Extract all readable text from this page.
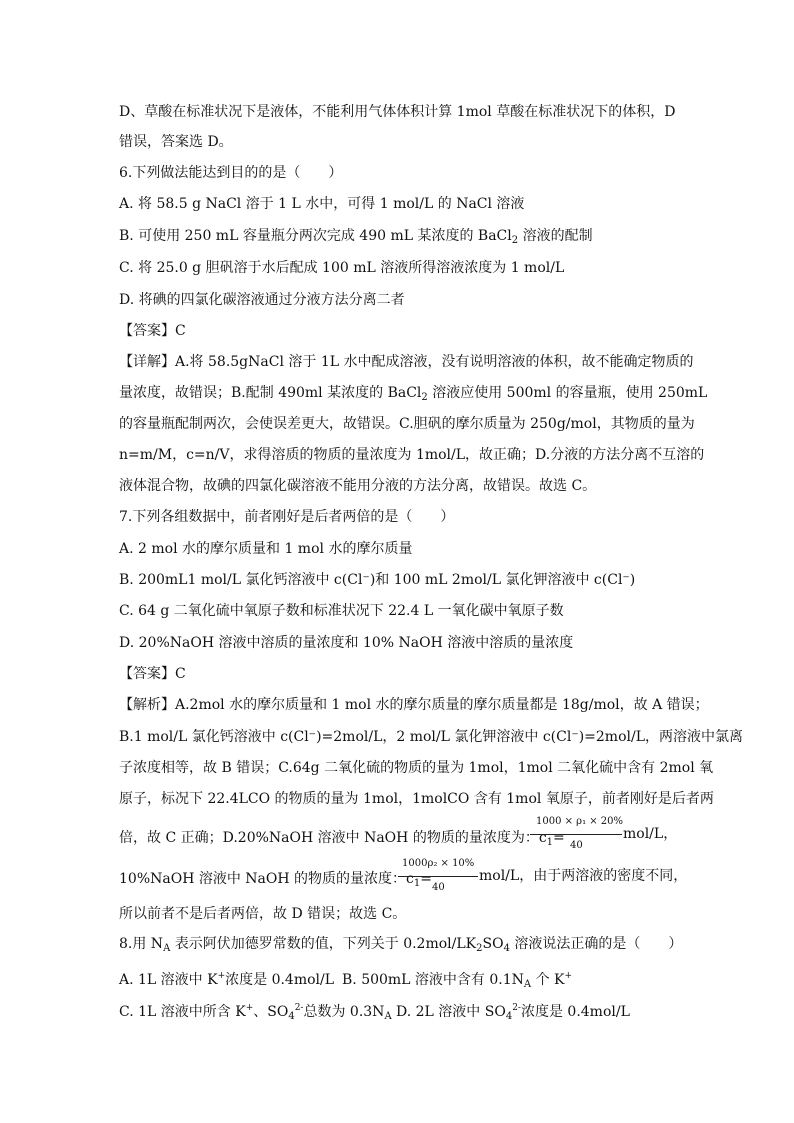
D、草酸在标准状况下是液体，不能利用气体体积计算 1mol 草酸在标准状况下的体积，D
错误，答案选 D。
6.下列做法能达到目的的是（　　）
A. 将 58.5 g NaCl 溶于 1 L 水中，可得 1 mol/L 的 NaCl 溶液
B. 可使用 250 mL 容量瓶分两次完成 490 mL 某浓度的 BaCl$_2$ 溶液的配制
C. 将 25.0 g 胆矾溶于水后配成 100 mL 溶液所得溶液浓度为 1 mol/L
D. 将碘的四氯化碳溶液通过分液方法分离二者
【答案】C
【详解】A.将 58.5gNaCl 溶于 1L 水中配成溶液，没有说明溶液的体积，故不能确定物质的
量浓度，故错误；B.配制 490ml 某浓度的 BaCl$_2$ 溶液应使用 500ml 的容量瓶，使用 250mL
的容量瓶配制两次，会使误差更大，故错误。C.胆矾的摩尔质量为 250g/mol，其物质的量为
n=m/M，c=n/V，求得溶质的物质的量浓度为 1mol/L，故正确；D.分液的方法分离不互溶的
液体混合物，故碘的四氯化碳溶液不能用分液的方法分离，故错误。故选 C。
7.下列各组数据中，前者刚好是后者两倍的是（　　）
A. 2 mol 水的摩尔质量和 1 mol 水的摩尔质量
B. 200mL1 mol/L 氯化钙溶液中 c(Cl⁻)和 100 mL 2mol/L 氯化钾溶液中 c(Cl⁻)
C. 64 g 二氧化硫中氧原子数和标准状况下 22.4 L 一氧化碳中氧原子数
D. 20%NaOH 溶液中溶质的量浓度和 10% NaOH 溶液中溶质的量浓度
【答案】C
【解析】A.2mol 水的摩尔质量和 1 mol 水的摩尔质量的摩尔质量都是 18g/mol，故 A 错误；
B.1 mol/L 氯化钙溶液中 c(Cl⁻)=2mol/L，2 mol/L 氯化钾溶液中 c(Cl⁻)=2mol/L，两溶液中氯离
子浓度相等，故 B 错误；C.64g 二氧化硫的物质的量为 1mol，1mol 二氧化硫中含有 2mol 氧
原子，标况下 22.4LCO 的物质的量为 1mol，1molCO 含有 1mol 氧原子，前者刚好是后者两
倍，故 C 正确；D.20%NaOH 溶液中 NaOH 的物质的量浓度为：$c_1=$
1000 × ρ₁ × 20%
40
mol/L，
10%NaOH 溶液中 NaOH 的物质的量浓度：$c_1=$
1000ρ₂ × 10%
40
mol/L，由于两溶液的密度不同，
所以前者不是后者两倍，故 D 错误；故选 C。
8.用 $N_A$ 表示阿伏加德罗常数的值，下列关于 $0.2mol/LK_2SO_4$ 溶液说法正确的是（　　）
A. 1L 溶液中 K+浓度是 0.4mol/L B. 500mL 溶液中含有 $0.1N_A$ 个 K+
C. 1L 溶液中所含 K+、$SO_4^{2-}$总数为 $0.3N_A$ D. 2L 溶液中 $SO_4^{2-}$浓度是 0.4mol/L
